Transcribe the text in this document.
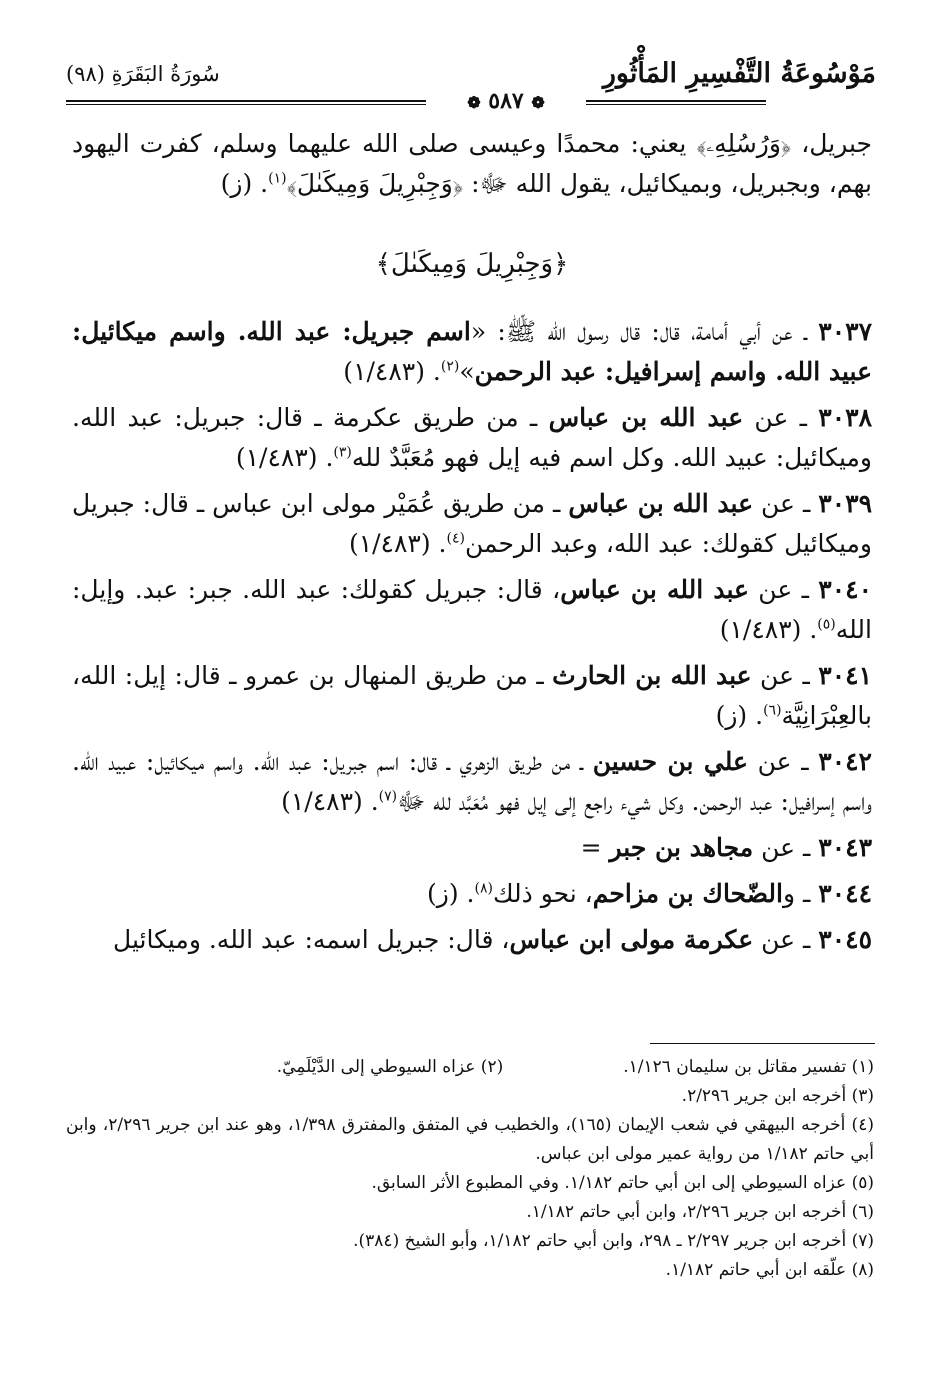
مَوْسُوعَةُ التَّفْسِيرِ المَأْثُورِ
❁ ٥٨٧ ❁
سُورَةُ البَقَرَةِ (٩٨)

جبريل، ﴿وَرُسُلِهِۦ﴾ يعني: محمدًا وعيسى صلى الله عليهما وسلم، كفرت اليهود بهم، وبجبريل، وبميكائيل، يقول الله ﷻ: ﴿وَجِبْرِيلَ وَمِيكَىٰلَ﴾$^{(١)}$. (ز)

﴿وَجِبْرِيلَ وَمِيكَىٰلَ﴾

٣٠٣٧ ـ عن أبي أمامة، قال: قال رسول الله ﷺ: «اسم جبريل: عبد الله. واسم ميكائيل: عبيد الله. واسم إسرافيل: عبد الرحمن»$^{(٢)}$. (١/٤٨٣)

٣٠٣٨ ـ عن عبد الله بن عباس ـ من طريق عكرمة ـ قال: جبريل: عبد الله. وميكائيل: عبيد الله. وكل اسم فيه إيل فهو مُعَبَّدٌ لله$^{(٣)}$. (١/٤٨٣)

٣٠٣٩ ـ عن عبد الله بن عباس ـ من طريق عُمَيْر مولى ابن عباس ـ قال: جبريل وميكائيل كقولك: عبد الله، وعبد الرحمن$^{(٤)}$. (١/٤٨٣)

٣٠٤٠ ـ عن عبد الله بن عباس، قال: جبريل كقولك: عبد الله. جبر: عبد. وإيل: الله$^{(٥)}$. (١/٤٨٣)

٣٠٤١ ـ عن عبد الله بن الحارث ـ من طريق المنهال بن عمرو ـ قال: إيل: الله، بالعِبْرَانِيَّة$^{(٦)}$. (ز)

٣٠٤٢ ـ عن علي بن حسين ـ من طريق الزهري ـ قال: اسم جبريل: عبد الله. واسم ميكائيل: عبيد الله. واسم إسرافيل: عبد الرحمن. وكل شيء راجع إلى إيل فهو مُعَبَّد لله ﷻ$^{(٧)}$. (١/٤٨٣)

٣٠٤٣ ـ عن مجاهد بن جبر =

٣٠٤٤ ـ والضّحاك بن مزاحم، نحو ذلك$^{(٨)}$. (ز)

٣٠٤٥ ـ عن عكرمة مولى ابن عباس، قال: جبريل اسمه: عبد الله. وميكائيل

(١) تفسير مقاتل بن سليمان ١/١٢٦.

(٢) عزاه السيوطي إلى الدَّيْلَمِيّ.

(٣) أخرجه ابن جرير ٢/٢٩٦.

(٤) أخرجه البيهقي في شعب الإيمان (١٦٥)، والخطيب في المتفق والمفترق ١/٣٩٨، وهو عند ابن جرير ٢/٢٩٦، وابن أبي حاتم ١/١٨٢ من رواية عمير مولى ابن عباس.

(٥) عزاه السيوطي إلى ابن أبي حاتم ١/١٨٢. وفي المطبوع الأثر السابق.

(٦) أخرجه ابن جرير ٢/٢٩٦، وابن أبي حاتم ١/١٨٢.

(٧) أخرجه ابن جرير ٢/٢٩٧ ـ ٢٩٨، وابن أبي حاتم ١/١٨٢، وأبو الشيخ (٣٨٤).

(٨) علّقه ابن أبي حاتم ١/١٨٢.
